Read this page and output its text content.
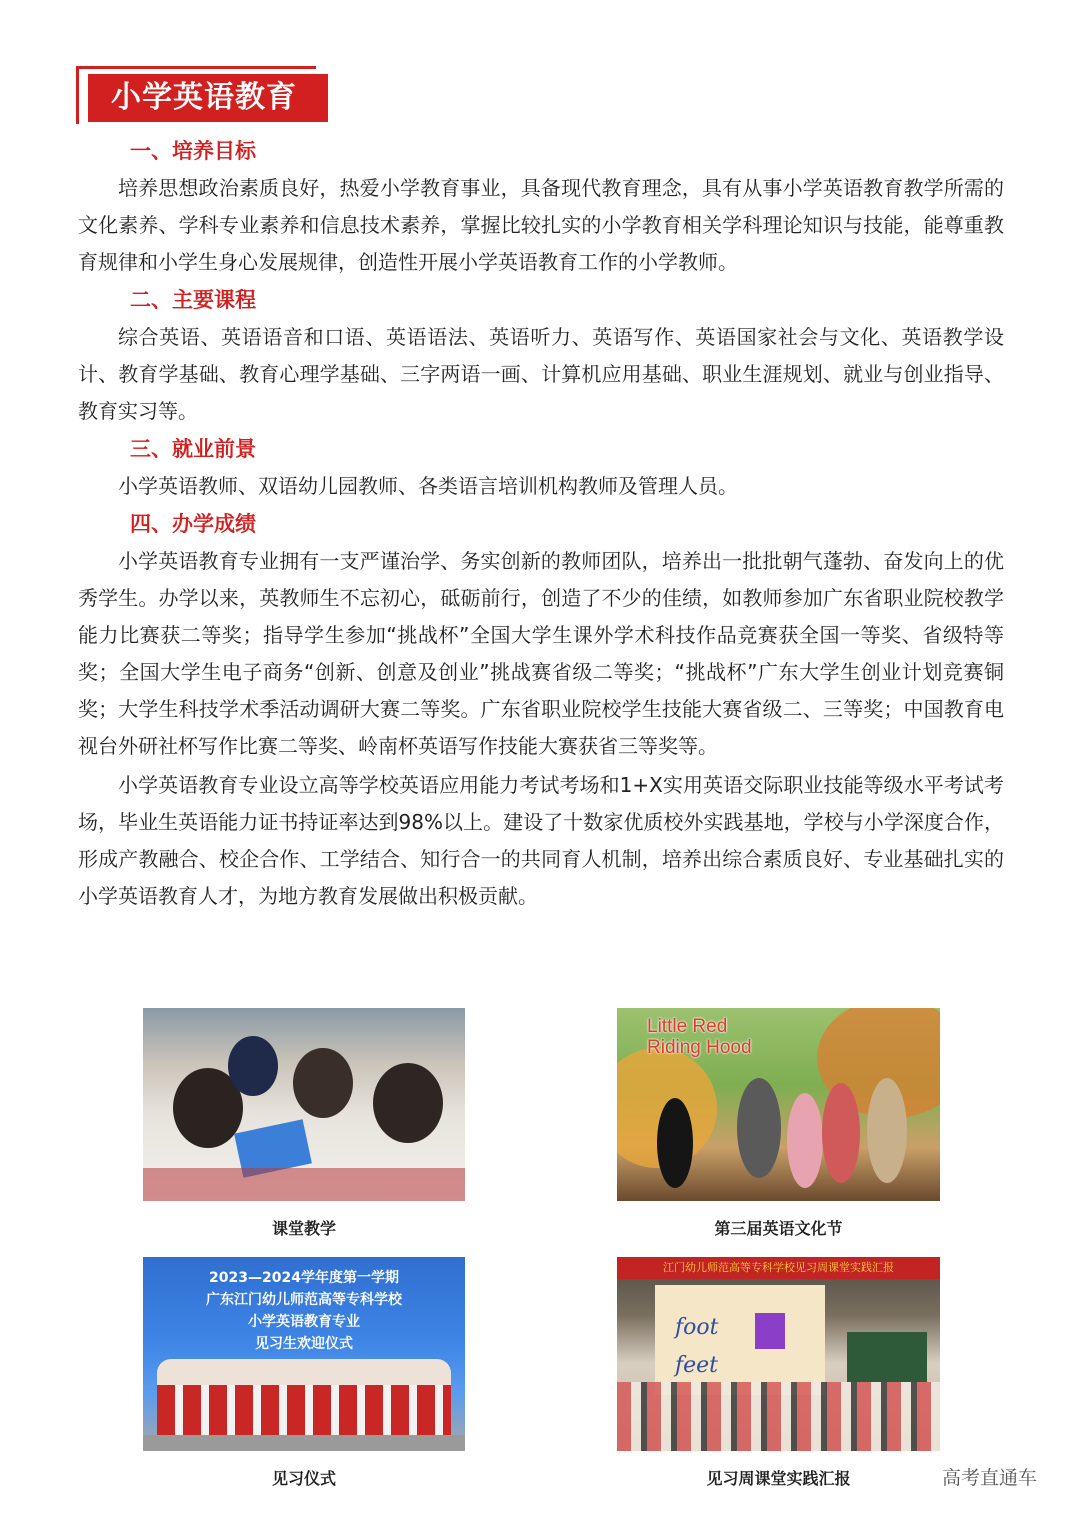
小学英语教育
一、培养目标

培养思想政治素质良好，热爱小学教育事业，具备现代教育理念，具有从事小学英语教育教学所需的文化素养、学科专业素养和信息技术素养，掌握比较扎实的小学教育相关学科理论知识与技能，能尊重教育规律和小学生身心发展规律，创造性开展小学英语教育工作的小学教师。

二、主要课程

综合英语、英语语音和口语、英语语法、英语听力、英语写作、英语国家社会与文化、英语教学设计、教育学基础、教育心理学基础、三字两语一画、计算机应用基础、职业生涯规划、就业与创业指导、教育实习等。

三、就业前景

小学英语教师、双语幼儿园教师、各类语言培训机构教师及管理人员。

四、办学成绩

小学英语教育专业拥有一支严谨治学、务实创新的教师团队，培养出一批批朝气蓬勃、奋发向上的优秀学生。办学以来，英教师生不忘初心，砥砺前行，创造了不少的佳绩，如教师参加广东省职业院校教学能力比赛获二等奖；指导学生参加“挑战杯”全国大学生课外学术科技作品竞赛获全国一等奖、省级特等奖；全国大学生电子商务“创新、创意及创业”挑战赛省级二等奖；“挑战杯”广东大学生创业计划竞赛铜奖；大学生科技学术季活动调研大赛二等奖。广东省职业院校学生技能大赛省级二、三等奖；中国教育电视台外研社杯写作比赛二等奖、岭南杯英语写作技能大赛获省三等奖等。

小学英语教育专业设立高等学校英语应用能力考试考场和1+X实用英语交际职业技能等级水平考试考场，毕业生英语能力证书持证率达到98%以上。建设了十数家优质校外实践基地，学校与小学深度合作，形成产教融合、校企合作、工学结合、知行合一的共同育人机制，培养出综合素质良好、专业基础扎实的小学英语教育人才，为地方教育发展做出积极贡献。

课堂教学
Little Red
Riding Hood
第三届英语文化节
2023—2024学年度第一学期
广东江门幼儿师范高等专科学校
小学英语教育专业
见习生欢迎仪式
见习仪式
江门幼儿师范高等专科学校见习周课堂实践汇报
foot
feet
见习周课堂实践汇报	高考直通车
